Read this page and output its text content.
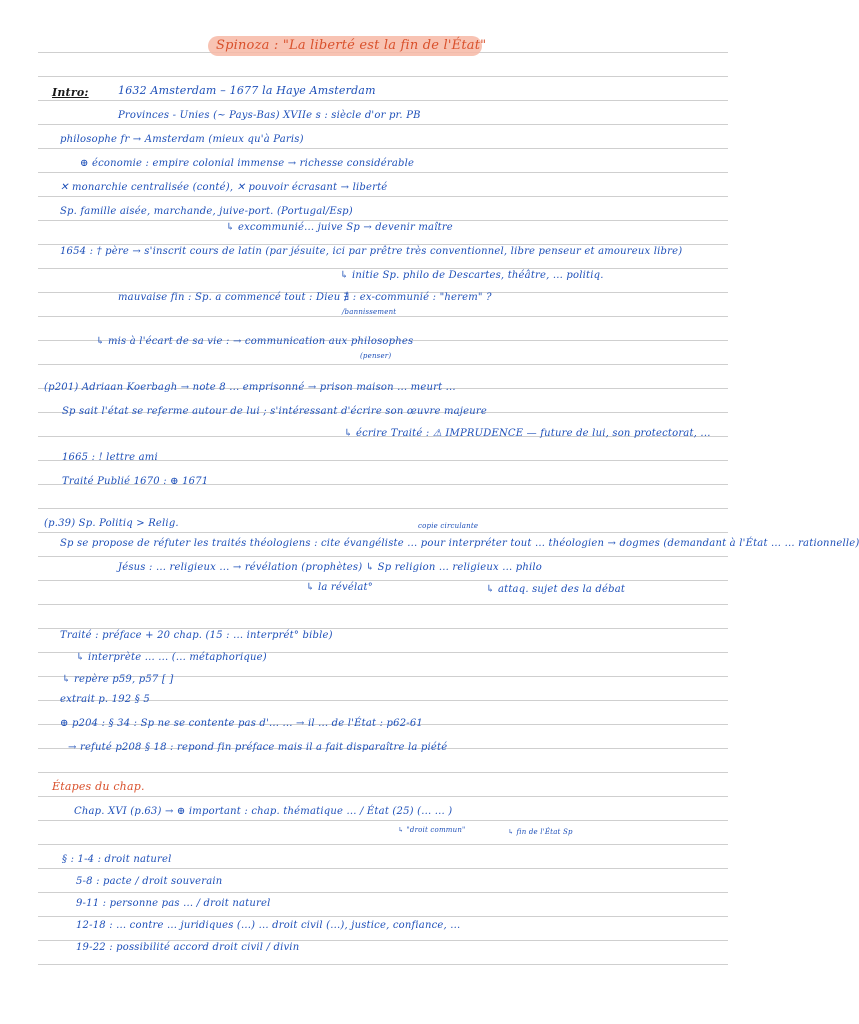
Spinoza : "La liberté est la fin de l'État"
Intro:	1632 Amsterdam – 1677 la Haye Amsterdam
Provinces - Unies (~ Pays-Bas) XVIIe s : siècle d'or pr. PB
philosophe fr → Amsterdam (mieux qu'à Paris)
⊕ économie : empire colonial immense → richesse considérable
✕ monarchie centralisée (conté), ✕ pouvoir écrasant → liberté
Sp. famille aisée, marchande, juive-port. (Portugal/Esp)
↳ excommunié... juive Sp → devenir maître
1654 : † père → s'inscrit cours de latin (par jésuite, ici par prêtre très conventionnel, libre penseur et amoureux libre)
↳ initie Sp. philo de Descartes, théâtre, ... politiq.
mauvaise fin : Sp. a commencé tout : Dieu ∄ : ex-communié : "herem" ?
/bannissement
↳ mis à l'écart de sa vie : → communication aux philosophes
(penser)
(p201) Adriaan Koerbagh → note 8 ... emprisonné → prison maison ... meurt ...
Sp sait l'état se referme autour de lui ; s'intéressant d'écrire son œuvre majeure
↳ écrire Traité : ⚠ IMPRUDENCE — future de lui, son protectorat, ...
1665 : ! lettre ami
Traité Publié 1670 : ⊕ 1671
(p.39) Sp. Politiq > Relig.	copie circulante
Sp se propose de réfuter les traités théologiens : cite évangéliste ... pour interpréter tout ... théologien → dogmes (demandant à l'État ... ... rationnelle)
Jésus : ... religieux ... → révélation (prophètes) ↳ Sp religion ... religieux ... philo
↳ la révélat°	↳ attaq. sujet des la débat
Traité : préface + 20 chap. (15 : ... interprét° bible)
↳ interprète ... ... (... métaphorique)
↳ repère p59, p57 [ ]
extrait p. 192 § 5
⊕ p204 : § 34 : Sp ne se contente pas d'... ... → il ... de l'État : p62-61
→ refuté p208 § 18 : repond fin préface mais il a fait disparaître la piété
Étapes du chap.
Chap. XVI (p.63) → ⊕ important : chap. thématique ... / État (25) (... ... )
↳ "droit commun"	↳ fin de l'État Sp
§ : 1-4 : droit naturel
5-8 : pacte / droit souverain
9-11 : personne pas ... / droit naturel
12-18 : ... contre ... juridiques (...) ... droit civil (...), justice, confiance, ...
19-22 : possibilité accord droit civil / divin
